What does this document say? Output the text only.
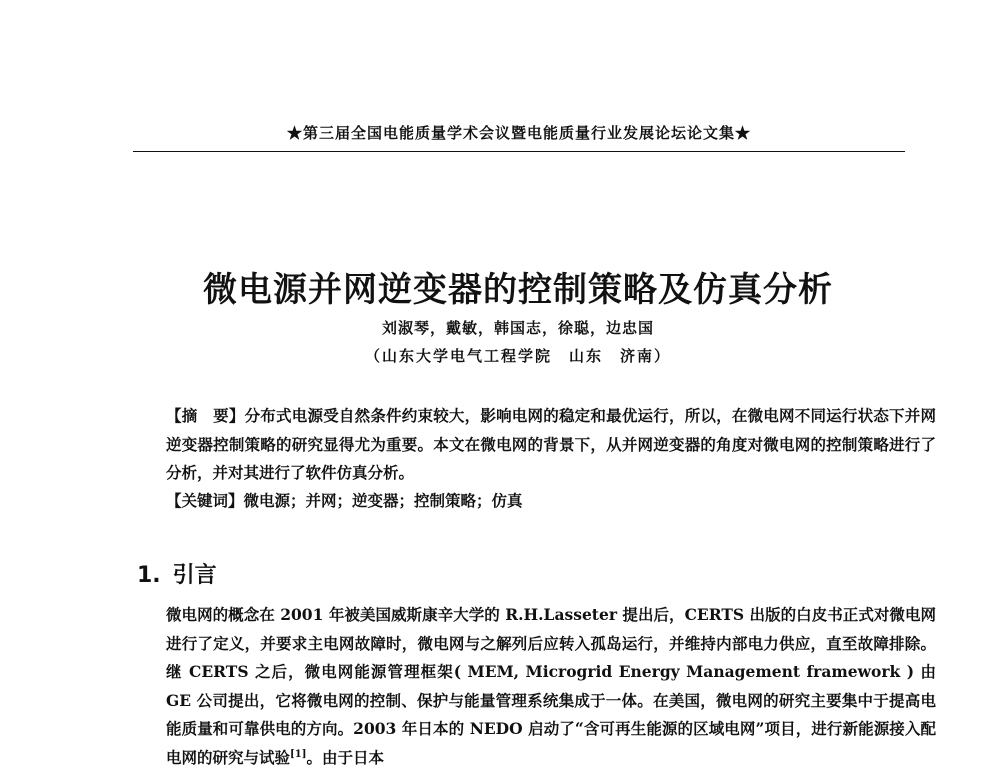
★第三届全国电能质量学术会议暨电能质量行业发展论坛论文集★
微电源并网逆变器的控制策略及仿真分析
刘淑琴，戴敏，韩国志，徐聪，边忠国
（山东大学电气工程学院　山东　济南）
【摘　要】分布式电源受自然条件约束较大，影响电网的稳定和最优运行，所以，在微电网不同运行状态下并网逆变器控制策略的研究显得尤为重要。本文在微电网的背景下，从并网逆变器的角度对微电网的控制策略进行了分析，并对其进行了软件仿真分析。
【关键词】微电源；并网；逆变器；控制策略；仿真
1. 引言
微电网的概念在 2001 年被美国威斯康辛大学的 R.H.Lasseter 提出后，CERTS 出版的白皮书正式对微电网进行了定义，并要求主电网故障时，微电网与之解列后应转入孤岛运行，并维持内部电力供应，直至故障排除。继 CERTS 之后，微电网能源管理框架( MEM, Microgrid Energy Management framework ) 由 GE 公司提出，它将微电网的控制、保护与能量管理系统集成于一体。在美国，微电网的研究主要集中于提高电能质量和可靠供电的方向。2003 年日本的 NEDO 启动了“含可再生能源的区域电网”项目，进行新能源接入配电网的研究与试验[1]。由于日本
